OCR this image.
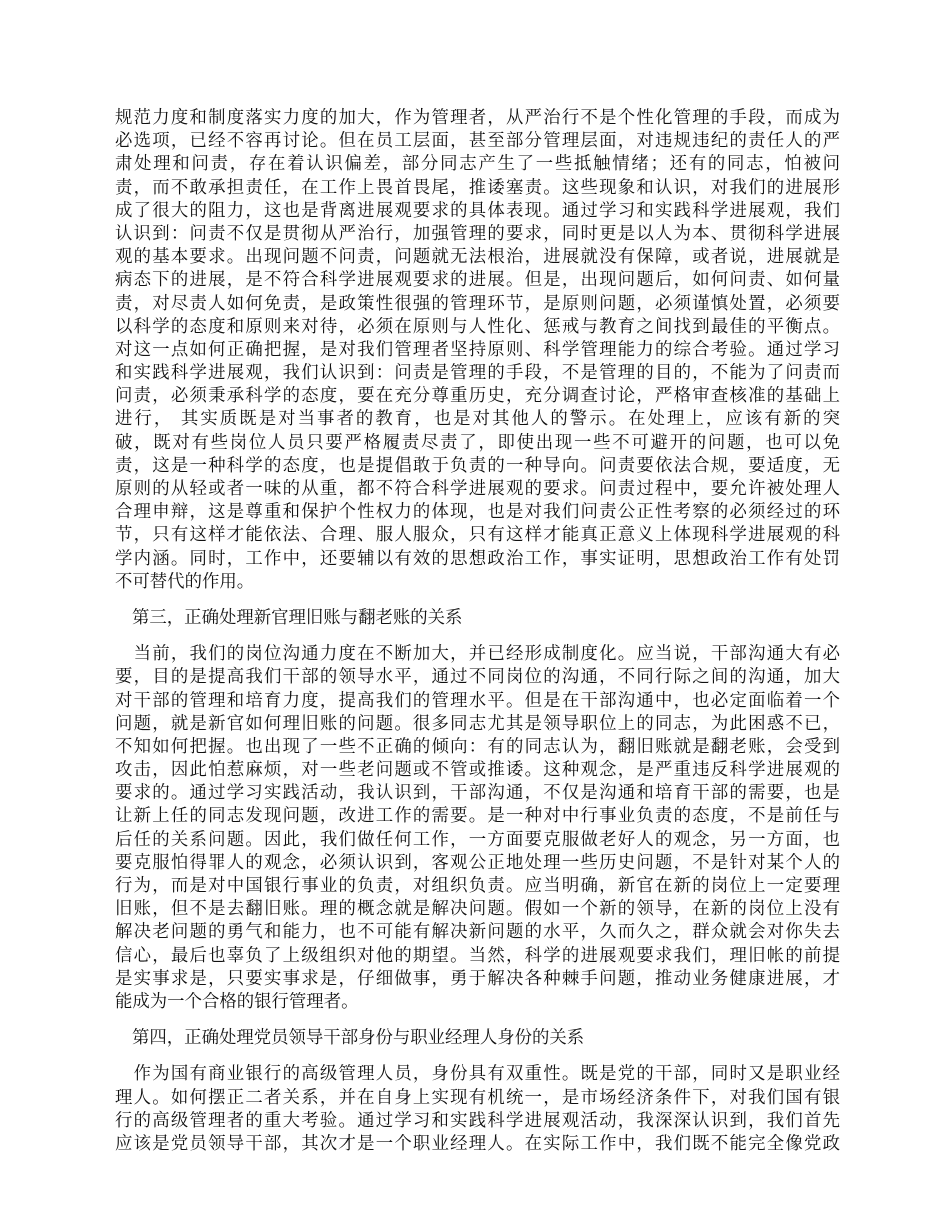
规范力度和制度落实力度的加大，作为管理者，从严治行不是个性化管理的手段，而成为
必选项，已经不容再讨论。但在员工层面，甚至部分管理层面，对违规违纪的责任人的严
肃处理和问责，存在着认识偏差，部分同志产生了一些抵触情绪；还有的同志，怕被问
责，而不敢承担责任，在工作上畏首畏尾，推诿塞责。这些现象和认识，对我们的进展形
成了很大的阻力，这也是背离进展观要求的具体表现。通过学习和实践科学进展观，我们
认识到：问责不仅是贯彻从严治行，加强管理的要求，同时更是以人为本、贯彻科学进展
观的基本要求。出现问题不问责，问题就无法根治，进展就没有保障，或者说，进展就是
病态下的进展，是不符合科学进展观要求的进展。但是，出现问题后，如何问责、如何量
责，对尽责人如何免责，是政策性很强的管理环节，是原则问题，必须谨慎处置，必须要
以科学的态度和原则来对待，必须在原则与人性化、惩戒与教育之间找到最佳的平衡点。
对这一点如何正确把握，是对我们管理者坚持原则、科学管理能力的综合考验。通过学习
和实践科学进展观，我们认识到：问责是管理的手段，不是管理的目的，不能为了问责而
问责，必须秉承科学的态度，要在充分尊重历史，充分调查讨论，严格审查核准的基础上
进行， 其实质既是对当事者的教育，也是对其他人的警示。在处理上，应该有新的突
破，既对有些岗位人员只要严格履责尽责了，即使出现一些不可避开的问题，也可以免
责，这是一种科学的态度，也是提倡敢于负责的一种导向。问责要依法合规，要适度，无
原则的从轻或者一味的从重，都不符合科学进展观的要求。问责过程中，要允许被处理人
合理申辩，这是尊重和保护个性权力的体现，也是对我们问责公正性考察的必须经过的环
节，只有这样才能依法、合理、服人服众，只有这样才能真正意义上体现科学进展观的科
学内涵。同时，工作中，还要辅以有效的思想政治工作，事实证明，思想政治工作有处罚
不可替代的作用。
第三，正确处理新官理旧账与翻老账的关系
　当前，我们的岗位沟通力度在不断加大，并已经形成制度化。应当说，干部沟通大有必
要，目的是提高我们干部的领导水平，通过不同岗位的沟通，不同行际之间的沟通，加大
对干部的管理和培育力度，提高我们的管理水平。但是在干部沟通中，也必定面临着一个
问题，就是新官如何理旧账的问题。很多同志尤其是领导职位上的同志，为此困惑不已，
不知如何把握。也出现了一些不正确的倾向：有的同志认为，翻旧账就是翻老账，会受到
攻击，因此怕惹麻烦，对一些老问题或不管或推诿。这种观念，是严重违反科学进展观的
要求的。通过学习实践活动，我认识到，干部沟通，不仅是沟通和培育干部的需要，也是
让新上任的同志发现问题，改进工作的需要。是一种对中行事业负责的态度，不是前任与
后任的关系问题。因此，我们做任何工作，一方面要克服做老好人的观念，另一方面，也
要克服怕得罪人的观念，必须认识到，客观公正地处理一些历史问题，不是针对某个人的
行为，而是对中国银行事业的负责，对组织负责。应当明确，新官在新的岗位上一定要理
旧账，但不是去翻旧账。理的概念就是解决问题。假如一个新的领导，在新的岗位上没有
解决老问题的勇气和能力，也不可能有解决新问题的水平，久而久之，群众就会对你失去
信心，最后也辜负了上级组织对他的期望。当然，科学的进展观要求我们，理旧帐的前提
是实事求是，只要实事求是，仔细做事，勇于解决各种棘手问题，推动业务健康进展，才
能成为一个合格的银行管理者。
第四，正确处理党员领导干部身份与职业经理人身份的关系
　作为国有商业银行的高级管理人员，身份具有双重性。既是党的干部，同时又是职业经
理人。如何摆正二者关系，并在自身上实现有机统一，是市场经济条件下，对我们国有银
行的高级管理者的重大考验。通过学习和实践科学进展观活动，我深深认识到，我们首先
应该是党员领导干部，其次才是一个职业经理人。在实际工作中，我们既不能完全像党政
